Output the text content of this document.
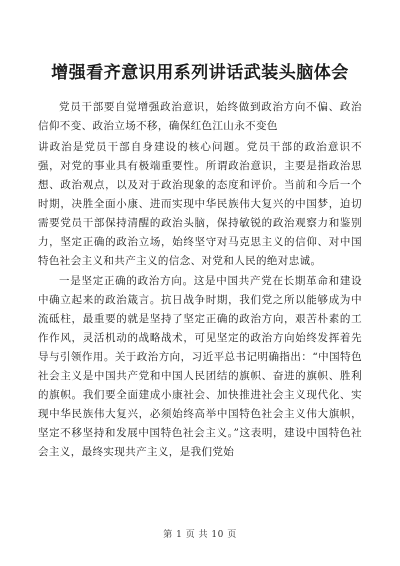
增强看齐意识用系列讲话武装头脑体会

党员干部要自觉增强政治意识，始终做到政治方向不偏、政治信仰不变、政治立场不移，确保红色江山永不变色

讲政治是党员干部自身建设的核心问题。党员干部的政治意识不强，对党的事业具有极端重要性。所谓政治意识，主要是指政治思想、政治观点，以及对于政治现象的态度和评价。当前和今后一个时期，决胜全面小康、进而实现中华民族伟大复兴的中国梦，迫切需要党员干部保持清醒的政治头脑，保持敏锐的政治观察力和鉴别力，坚定正确的政治立场，始终坚守对马克思主义的信仰、对中国特色社会主义和共产主义的信念、对党和人民的绝对忠诚。

一是坚定正确的政治方向。这是中国共产党在长期革命和建设中确立起来的政治箴言。抗日战争时期，我们党之所以能够成为中流砥柱，最重要的就是坚持了坚定正确的政治方向，艰苦朴素的工作作风，灵活机动的战略战术，可见坚定的政治方向始终发挥着先导与引领作用。关于政治方向，习近平总书记明确指出：“中国特色社会主义是中国共产党和中国人民团结的旗帜、奋进的旗帜、胜利的旗帜。我们要全面建成小康社会、加快推进社会主义现代化、实现中华民族伟大复兴，必须始终高举中国特色社会主义伟大旗帜，坚定不移坚持和发展中国特色社会主义。”这表明，建设中国特色社会主义，最终实现共产主义，是我们党始

第 1 页 共 10 页
